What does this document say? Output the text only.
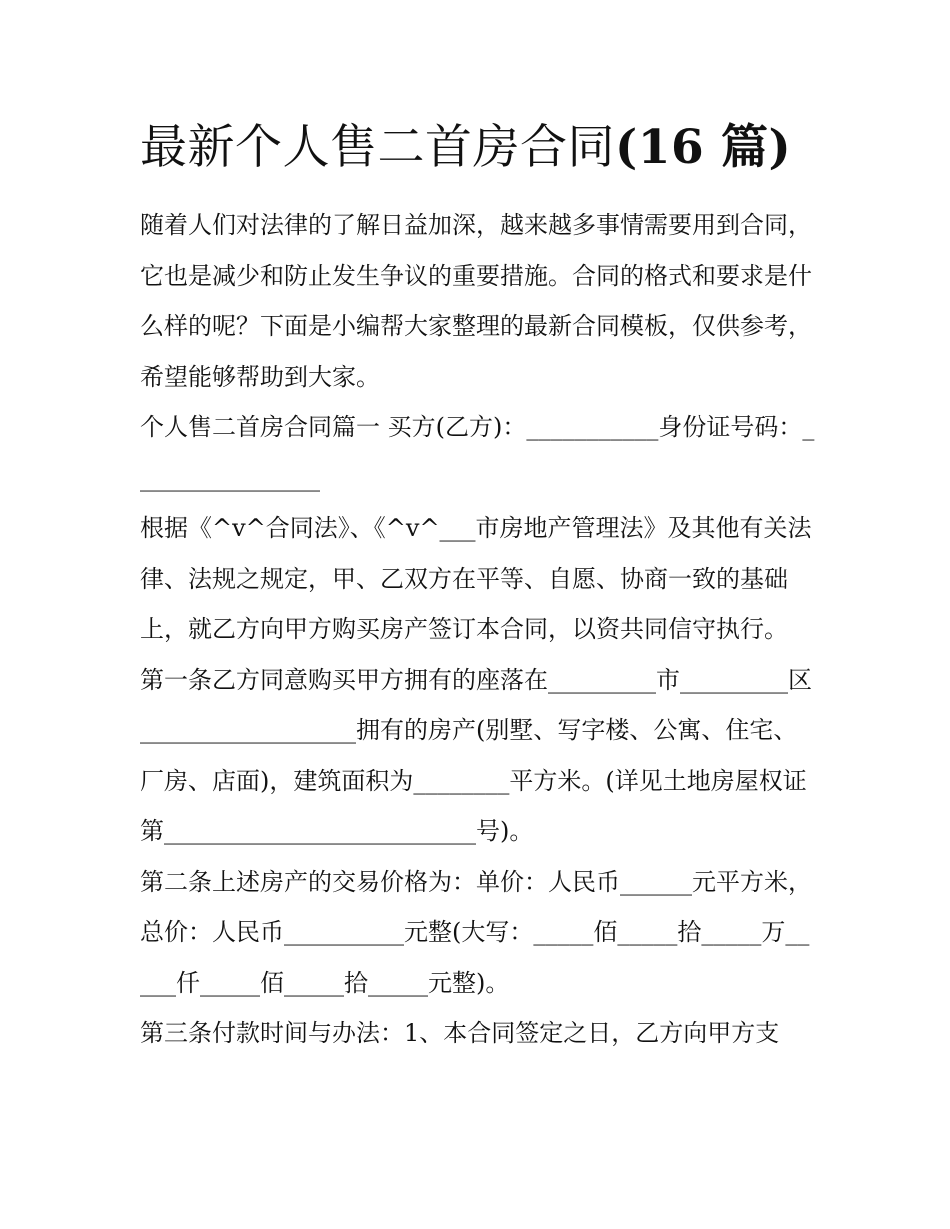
最新个人售二首房合同(16 篇)

随着人们对法律的了解日益加深，越来越多事情需要用到合同，它也是减少和防止发生争议的重要措施。合同的格式和要求是什么样的呢？下面是小编帮大家整理的最新合同模板，仅供参考，希望能够帮助到大家。

个人售二首房合同篇一 买方(乙方)：___________身份证号码：________________

根据《^v^合同法》、《^v^___市房地产管理法》及其他有关法律、法规之规定，甲、乙双方在平等、自愿、协商一致的基础上，就乙方向甲方购买房产签订本合同，以资共同信守执行。

第一条乙方同意购买甲方拥有的座落在_________市_________区__________________拥有的房产(别墅、写字楼、公寓、住宅、厂房、店面)，建筑面积为________平方米。(详见土地房屋权证第__________________________号)。

第二条上述房产的交易价格为：单价：人民币______元平方米，总价：人民币__________元整(大写：_____佰_____拾_____万_____仟_____佰_____拾_____元整)。

第三条付款时间与办法：1、本合同签定之日，乙方向甲方支
